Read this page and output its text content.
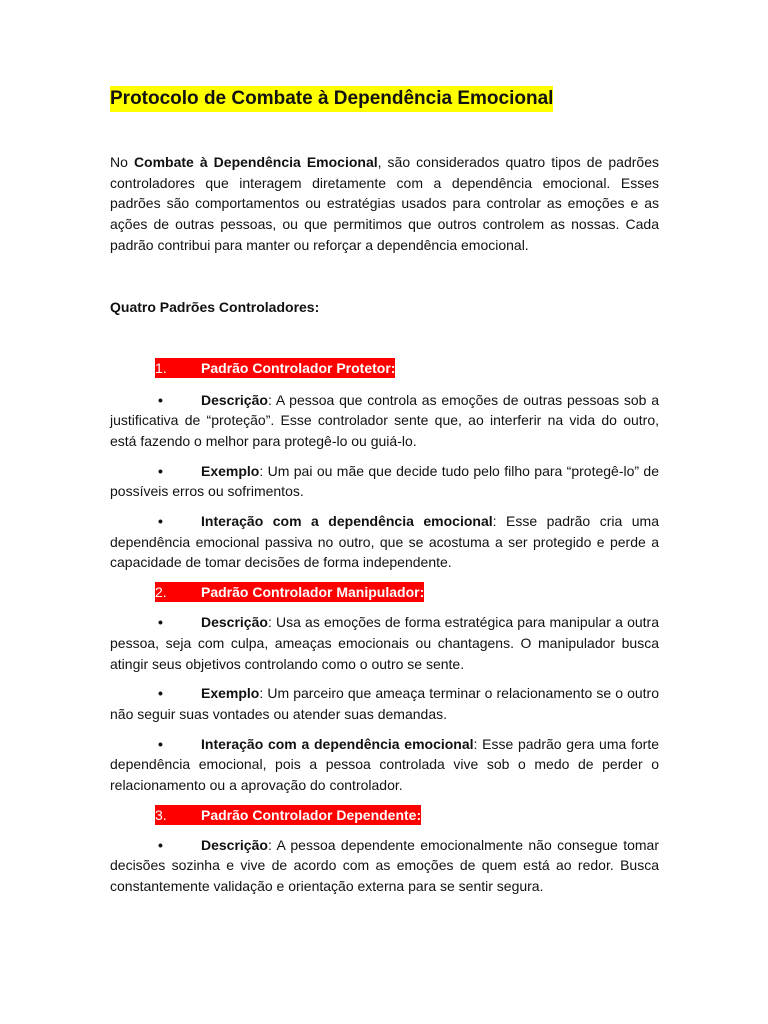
Protocolo de Combate à Dependência Emocional

No Combate à Dependência Emocional, são considerados quatro tipos de padrões controladores que interagem diretamente com a dependência emocional. Esses padrões são comportamentos ou estratégias usados para controlar as emoções e as ações de outras pessoas, ou que permitimos que outros controlem as nossas. Cada padrão contribui para manter ou reforçar a dependência emocional.

Quatro Padrões Controladores:
1. Padrão Controlador Protetor:

•	Descrição: A pessoa que controla as emoções de outras pessoas sob a justificativa de “proteção”. Esse controlador sente que, ao interferir na vida do outro, está fazendo o melhor para protegê-lo ou guiá-lo.

•	Exemplo: Um pai ou mãe que decide tudo pelo filho para “protegê-lo” de possíveis erros ou sofrimentos.

•	Interação com a dependência emocional: Esse padrão cria uma dependência emocional passiva no outro, que se acostuma a ser protegido e perde a capacidade de tomar decisões de forma independente.

2. Padrão Controlador Manipulador:

•	Descrição: Usa as emoções de forma estratégica para manipular a outra pessoa, seja com culpa, ameaças emocionais ou chantagens. O manipulador busca atingir seus objetivos controlando como o outro se sente.

•	Exemplo: Um parceiro que ameaça terminar o relacionamento se o outro não seguir suas vontades ou atender suas demandas.

•	Interação com a dependência emocional: Esse padrão gera uma forte dependência emocional, pois a pessoa controlada vive sob o medo de perder o relacionamento ou a aprovação do controlador.

3. Padrão Controlador Dependente:

•	Descrição: A pessoa dependente emocionalmente não consegue tomar decisões sozinha e vive de acordo com as emoções de quem está ao redor. Busca constantemente validação e orientação externa para se sentir segura.
